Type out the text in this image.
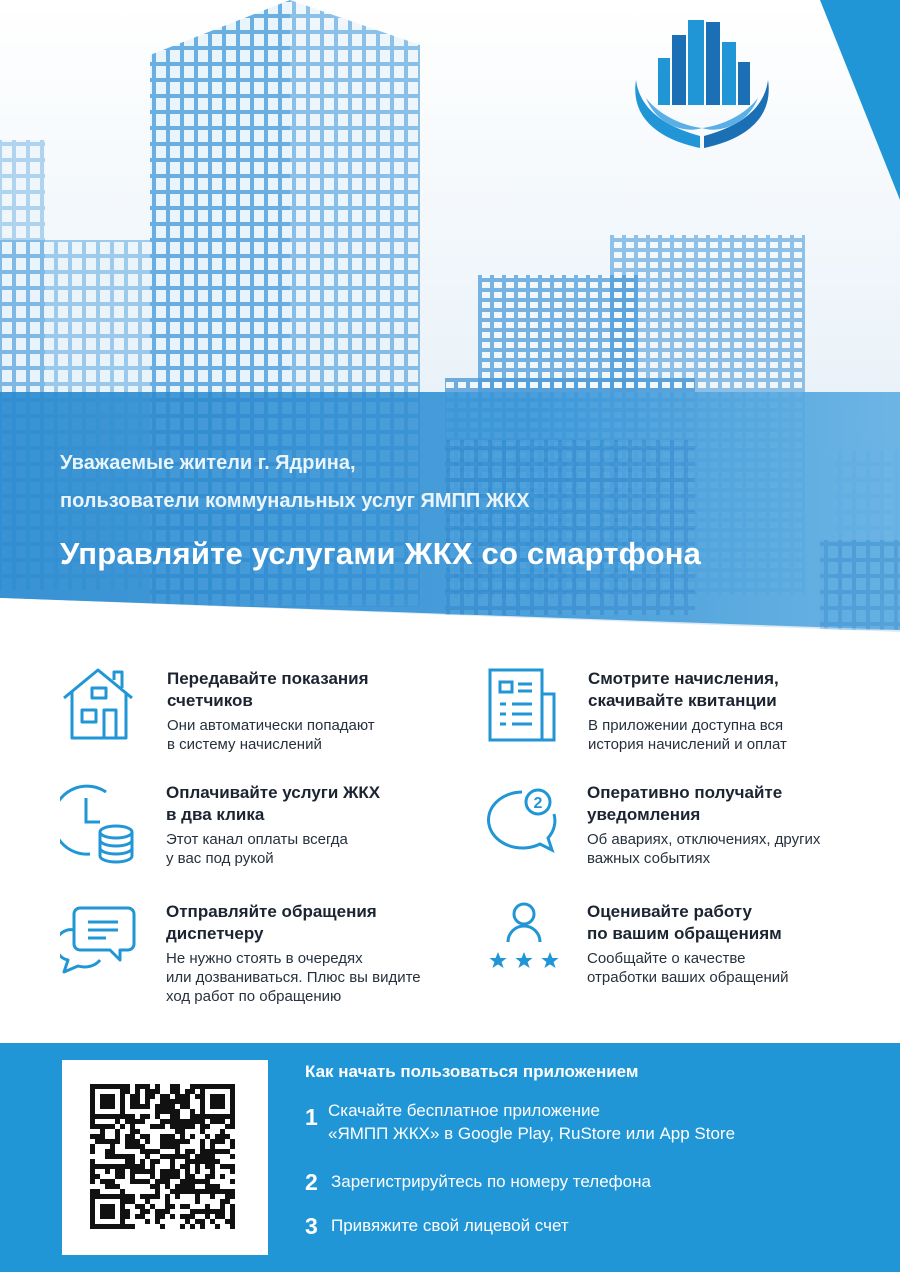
Уважаемые жители г. Ядрина,
пользователи коммунальных услуг ЯМПП ЖКХ
Управляйте услугами ЖКХ со смартфона
Передавайте показания
счетчиков
Они автоматически попадают
в систему начислений
Смотрите начисления,
скачивайте квитанции
В приложении доступна вся
история начислений и оплат
Оплачивайте услуги ЖКХ
в два клика
Этот канал оплаты всегда
у вас под рукой
2
Оперативно получайте
уведомления
Об авариях, отключениях, других
важных событиях
Отправляйте обращения
диспетчеру
Не нужно стоять в очередях
или дозваниваться. Плюс вы видите
ход работ по обращению
Оценивайте работу
по вашим обращениям
Сообщайте о качестве
отработки ваших обращений
Как начать пользоваться приложением
1 Скачайте бесплатное приложение
«ЯМПП ЖКХ» в Google Play, RuStore или App Store
2 Зарегистрируйтесь по номеру телефона
3 Привяжите свой лицевой счет
